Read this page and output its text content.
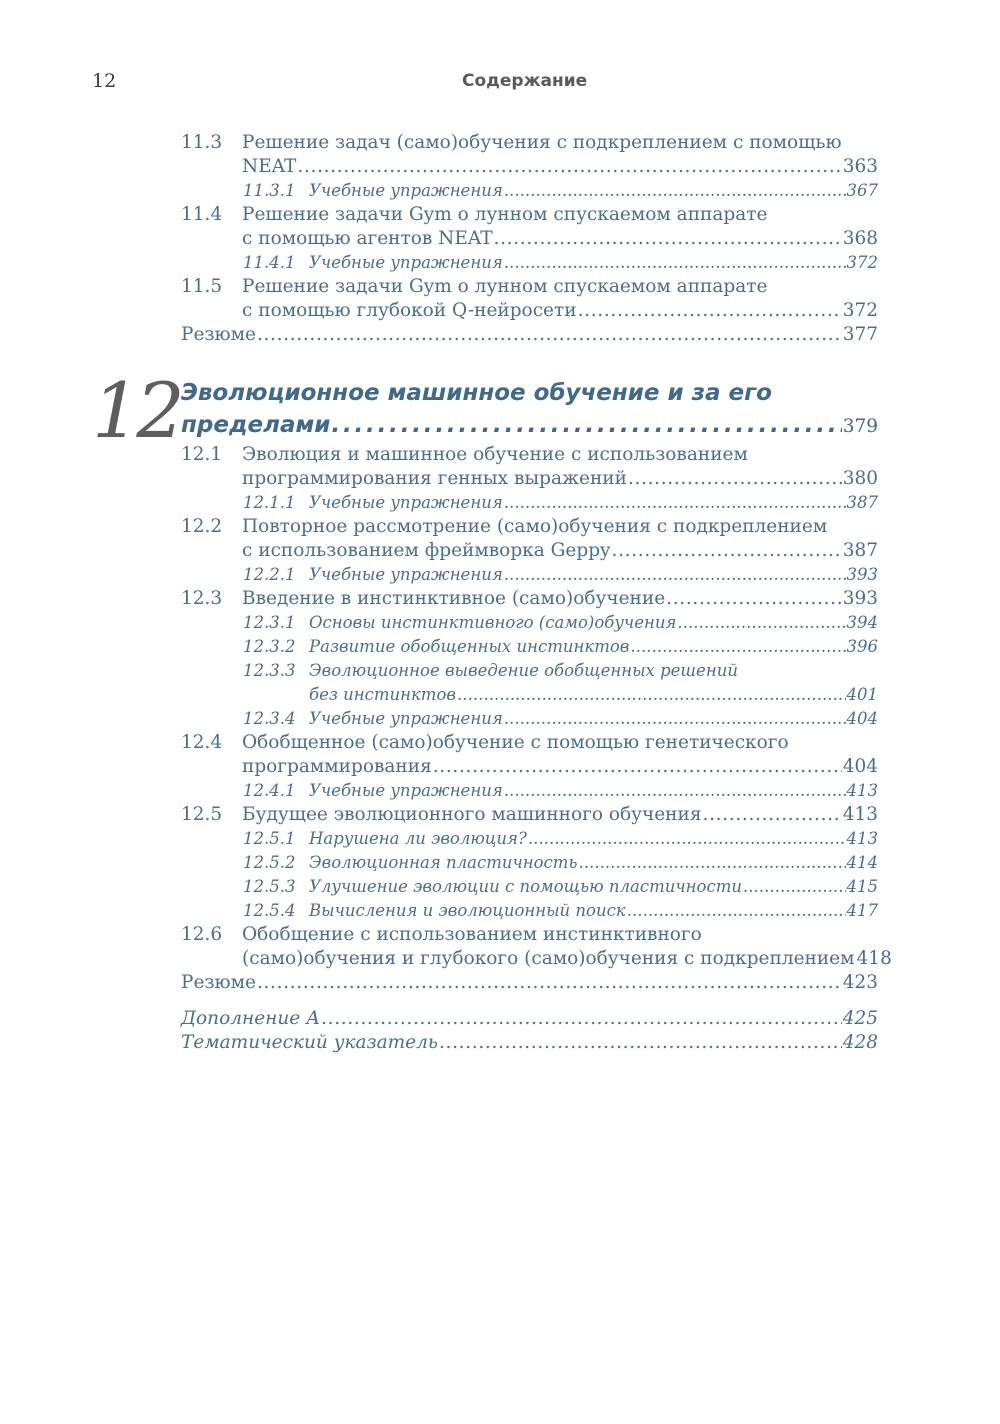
12	Содержание
11.3	Решение задач (само)обучения с подкреплением с помощью
NEAT . . .	363
11.3.1 Учебные упражнения . . .	367
11.4	Решение задачи Gym о лунном спускаемом аппарате
с помощью агентов NEAT . . .	368
11.4.1 Учебные упражнения . . .	372
11.5	Решение задачи Gym о лунном спускаемом аппарате
с помощью глубокой Q-нейросети . . .	372
Резюме . . .	377
12 Эволюционное машинное обучение и за его
пределами . . .	379
12.1	Эволюция и машинное обучение с использованием
программирования генных выражений . . .	380
12.1.1 Учебные упражнения . . .	387
12.2	Повторное рассмотрение (само)обучения с подкреплением
с использованием фреймворка Geppy . . .	387
12.2.1 Учебные упражнения . . .	393
12.3	Введение в инстинктивное (само)обучение . . .	393
12.3.1 Основы инстинктивного (само)обучения . . .	394
12.3.2 Развитие обобщенных инстинктов . . .	396
12.3.3 Эволюционное выведение обобщенных решений
без инстинктов . . .	401
12.3.4 Учебные упражнения . . .	404
12.4	Обобщенное (само)обучение с помощью генетического
программирования . . .	404
12.4.1 Учебные упражнения . . .	413
12.5	Будущее эволюционного машинного обучения . . .	413
12.5.1 Нарушена ли эволюция? . . .	413
12.5.2 Эволюционная пластичность . . .	414
12.5.3 Улучшение эволюции с помощью пластичности . . .	415
12.5.4 Вычисления и эволюционный поиск . . .	417
12.6	Обобщение с использованием инстинктивного
(само)обучения и глубокого (само)обучения с подкреплением 418
Резюме . . .	423
Дополнение А . . .	425
Тематический указатель . . .	428
